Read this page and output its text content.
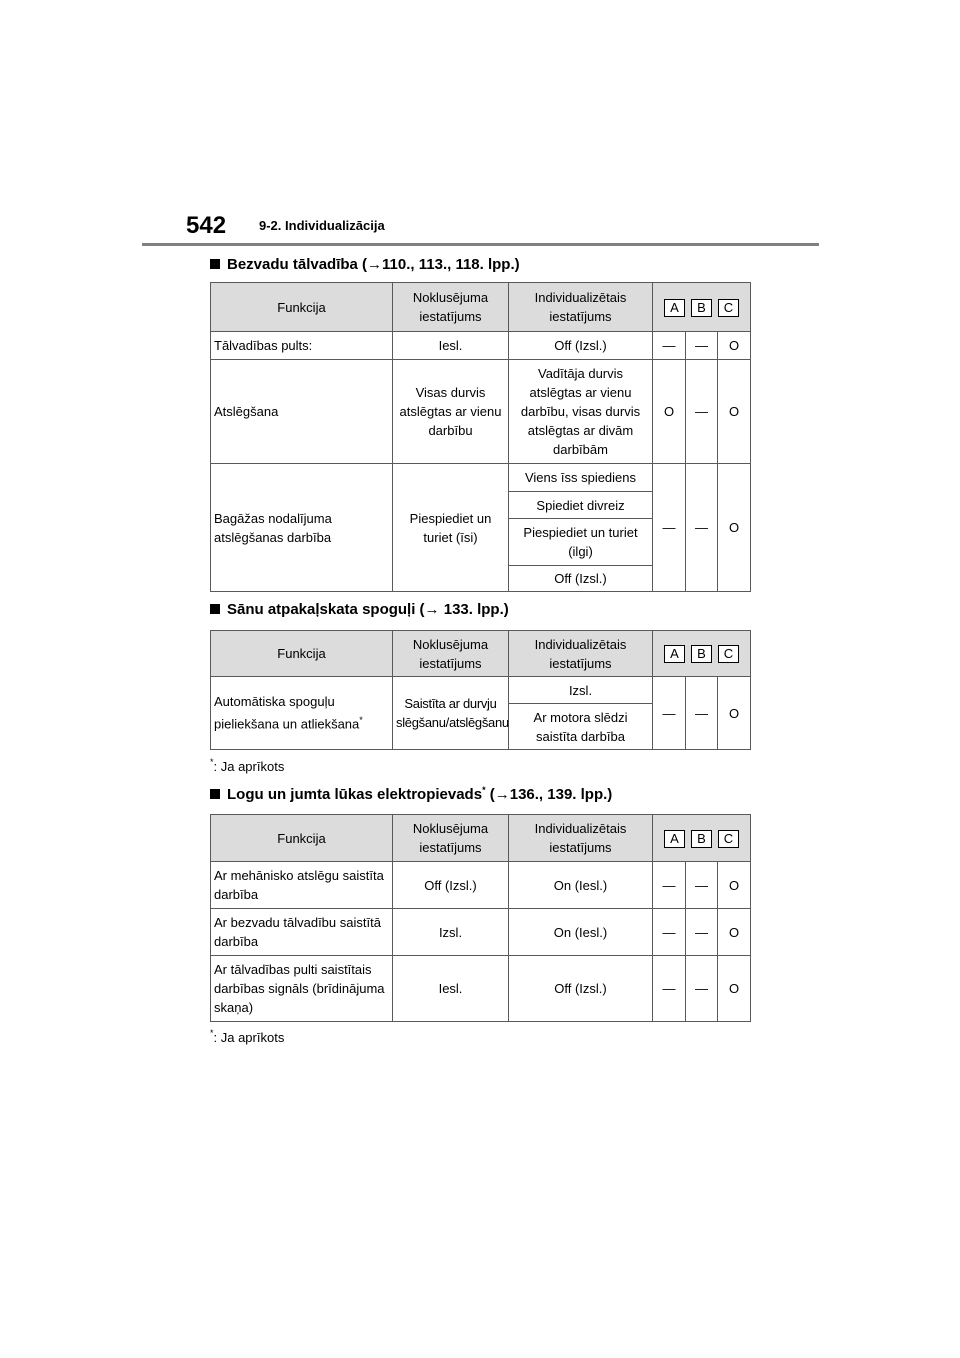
542	9-2. Individualizācija
Bezvadu tālvadība (→110., 113., 118. lpp.)
Funkcija	Noklusējuma iestatījums	Individualizētais iestatījums	A B C		
Tālvadības pults:	Iesl.	Off (Izsl.)	—	—	O
Atslēgšana	Visas durvis atslēgtas ar vienu darbību	Vadītāja durvis atslēgtas ar vienu darbību, visas durvis atslēgtas ar divām darbībām	O	—	O
Bagāžas nodalījuma atslēgšanas darbība	Piespiediet un turiet (īsi)	Viens īss spiediens	—	—	O
		Spiediet divreiz			
		Piespiediet un turiet (ilgi)			
		Off (Izsl.)			
Sānu atpakaļskata spoguļi (→ 133. lpp.)
Funkcija	Noklusējuma iestatījums	Individualizētais iestatījums	A B C		
Automātiska spoguļu pieliekšana un atliekšana*	Saistīta ar durvju slēgšanu/atslēgšanu	Izsl.	—	—	O
		Ar motora slēdzi saistīta darbība			
*: Ja aprīkots
Logu un jumta lūkas elektropievads* (→136., 139. lpp.)
Funkcija	Noklusējuma iestatījums	Individualizētais iestatījums	A B C		
Ar mehānisko atslēgu saistīta darbība	Off (Izsl.)	On (Iesl.)	—	—	O
Ar bezvadu tālvadību saistītā darbība	Izsl.	On (Iesl.)	—	—	O
Ar tālvadības pulti saistītais darbības signāls (brīdinājuma skaņa)	Iesl.	Off (Izsl.)	—	—	O
*: Ja aprīkots
